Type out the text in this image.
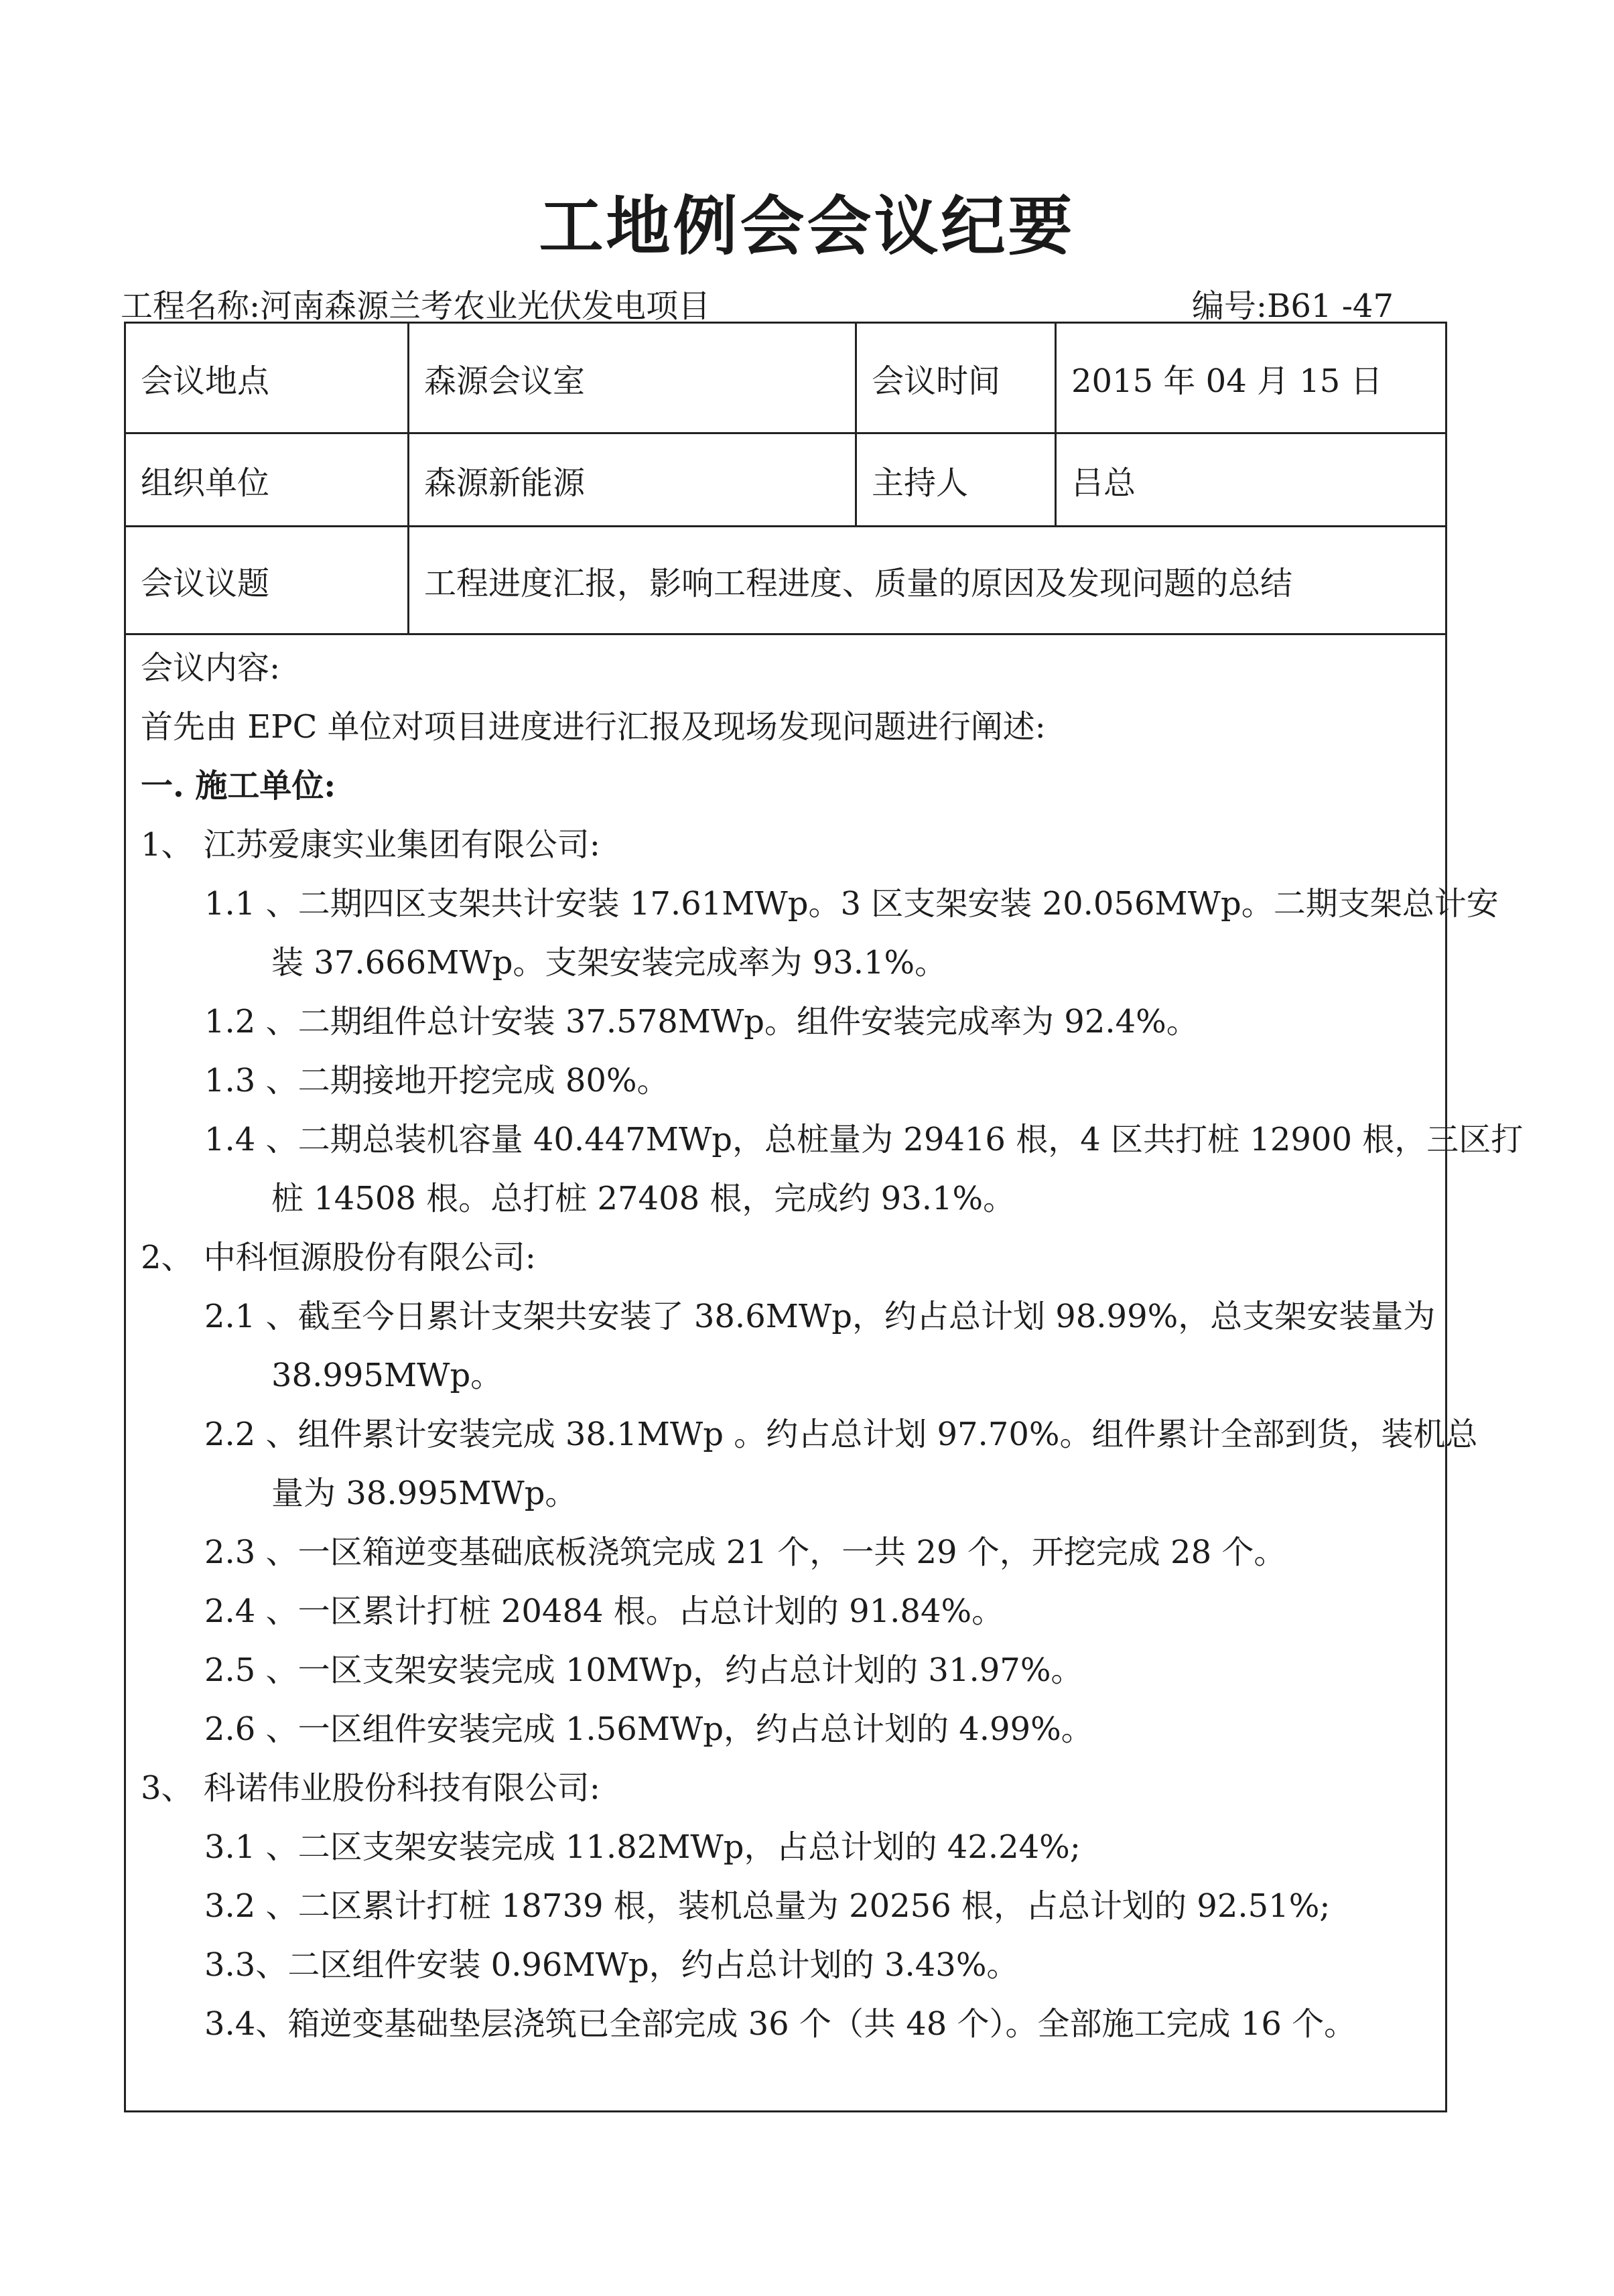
工地例会会议纪要
工程名称:河南森源兰考农业光伏发电项目	编号:B61 -47
会议地点	森源会议室	会议时间	2015 年 04 月 15 日
组织单位	森源新能源	主持人	吕总
会议议题	工程进度汇报，影响工程进度、质量的原因及发现问题的总结		
会议内容:
首先由 EPC 单位对项目进度进行汇报及现场发现问题进行阐述:
一. 施工单位:
1、 江苏爱康实业集团有限公司:
1.1 、二期四区支架共计安装 17.61MWp。3 区支架安装 20.056MWp。二期支架总计安
装 37.666MWp。支架安装完成率为 93.1%。
1.2 、二期组件总计安装 37.578MWp。组件安装完成率为 92.4%。
1.3 、二期接地开挖完成 80%。
1.4 、二期总装机容量 40.447MWp，总桩量为 29416 根，4 区共打桩 12900 根，三区打
桩 14508 根。总打桩 27408 根，完成约 93.1%。
2、 中科恒源股份有限公司:
2.1 、截至今日累计支架共安装了 38.6MWp，约占总计划 98.99%，总支架安装量为
38.995MWp。
2.2 、组件累计安装完成 38.1MWp 。约占总计划 97.70%。组件累计全部到货，装机总
量为 38.995MWp。
2.3 、一区箱逆变基础底板浇筑完成 21 个，一共 29 个，开挖完成 28 个。
2.4 、一区累计打桩 20484 根。占总计划的 91.84%。
2.5 、一区支架安装完成 10MWp，约占总计划的 31.97%。
2.6 、一区组件安装完成 1.56MWp，约占总计划的 4.99%。
3、 科诺伟业股份科技有限公司:
3.1 、二区支架安装完成 11.82MWp，占总计划的 42.24%;
3.2 、二区累计打桩 18739 根，装机总量为 20256 根，占总计划的 92.51%;
3.3、二区组件安装 0.96MWp，约占总计划的 3.43%。
3.4、箱逆变基础垫层浇筑已全部完成 36 个（共 48 个）。全部施工完成 16 个。
